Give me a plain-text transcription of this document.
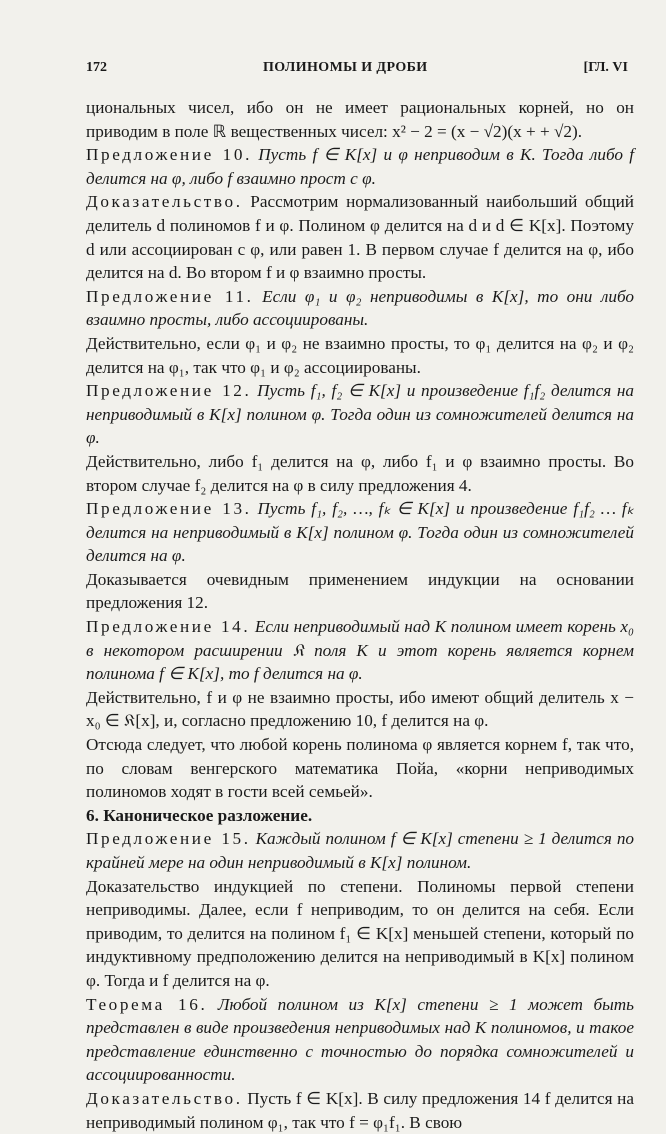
172	ПОЛИНОМЫ И ДРОБИ	[ГЛ. VI

циональных чисел, ибо он не имеет рациональных корней, но он приводим в поле ℝ вещественных чисел: x² − 2 = (x − √2)(x + + √2).

Предложение 10. Пусть f ∈ K[x] и φ неприводим в K. Тогда либо f делится на φ, либо f взаимно прост с φ.

Доказательство. Рассмотрим нормализованный наибольший общий делитель d полиномов f и φ. Полином φ делится на d и d ∈ K[x]. Поэтому d или ассоциирован с φ, или равен 1. В первом случае f делится на φ, ибо делится на d. Во втором f и φ взаимно просты.

Предложение 11. Если φ₁ и φ₂ неприводимы в K[x], то они либо взаимно просты, либо ассоциированы.

Действительно, если φ₁ и φ₂ не взаимно просты, то φ₁ делится на φ₂ и φ₂ делится на φ₁, так что φ₁ и φ₂ ассоциированы.

Предложение 12. Пусть f₁, f₂ ∈ K[x] и произведение f₁f₂ делится на неприводимый в K[x] полином φ. Тогда один из сомножителей делится на φ.

Действительно, либо f₁ делится на φ, либо f₁ и φ взаимно просты. Во втором случае f₂ делится на φ в силу предложения 4.

Предложение 13. Пусть f₁, f₂, …, fₖ ∈ K[x] и произведение f₁f₂ … fₖ делится на неприводимый в K[x] полином φ. Тогда один из сомножителей делится на φ.

Доказывается очевидным применением индукции на основании предложения 12.

Предложение 14. Если неприводимый над K полином имеет корень x₀ в некотором расширении 𝔎 поля K и этот корень является корнем полинома f ∈ K[x], то f делится на φ.

Действительно, f и φ не взаимно просты, ибо имеют общий делитель x − x₀ ∈ 𝔎[x], и, согласно предложению 10, f делится на φ.

Отсюда следует, что любой корень полинома φ является корнем f, так что, по словам венгерского математика Пойа, «корни неприводимых полиномов ходят в гости всей семьей».

6. Каноническое разложение.

Предложение 15. Каждый полином f ∈ K[x] степени ≥ 1 делится по крайней мере на один неприводимый в K[x] полином.

Доказательство индукцией по степени. Полиномы первой степени неприводимы. Далее, если f неприводим, то он делится на себя. Если приводим, то делится на полином f₁ ∈ K[x] меньшей степени, который по индуктивному предположению делится на неприводимый в K[x] полином φ. Тогда и f делится на φ.

Теорема 16. Любой полином из K[x] степени ≥ 1 может быть представлен в виде произведения неприводимых над K полиномов, и такое представление единственно с точностью до порядка сомножителей и ассоциированности.

Доказательство. Пусть f ∈ K[x]. В силу предложения 14 f делится на неприводимый полином φ₁, так что f = φ₁f₁. В свою
